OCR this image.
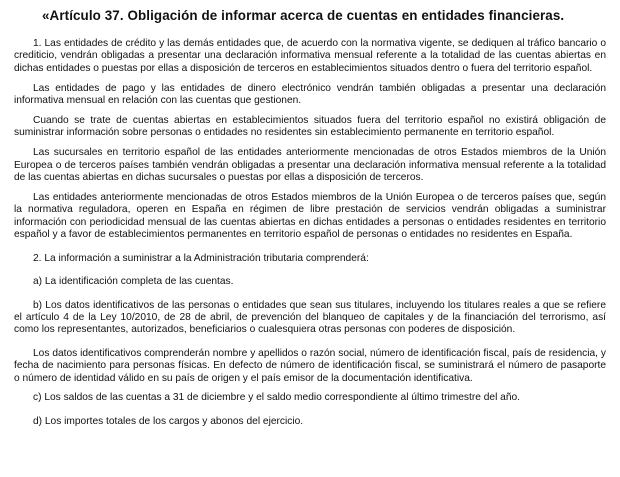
«Artículo 37. Obligación de informar acerca de cuentas en entidades financieras.

1. Las entidades de crédito y las demás entidades que, de acuerdo con la normativa vigente, se dediquen al tráfico bancario o crediticio, vendrán obligadas a presentar una declaración informativa mensual referente a la totalidad de las cuentas abiertas en dichas entidades o puestas por ellas a disposición de terceros en establecimientos situados dentro o fuera del territorio español.

Las entidades de pago y las entidades de dinero electrónico vendrán también obligadas a presentar una declaración informativa mensual en relación con las cuentas que gestionen.

Cuando se trate de cuentas abiertas en establecimientos situados fuera del territorio español no existirá obligación de suministrar información sobre personas o entidades no residentes sin establecimiento permanente en territorio español.

Las sucursales en territorio español de las entidades anteriormente mencionadas de otros Estados miembros de la Unión Europea o de terceros países también vendrán obligadas a presentar una declaración informativa mensual referente a la totalidad de las cuentas abiertas en dichas sucursales o puestas por ellas a disposición de terceros.

Las entidades anteriormente mencionadas de otros Estados miembros de la Unión Europea o de terceros países que, según la normativa reguladora, operen en España en régimen de libre prestación de servicios vendrán obligadas a suministrar información con periodicidad mensual de las cuentas abiertas en dichas entidades a personas o entidades residentes en territorio español y a favor de establecimientos permanentes en territorio español de personas o entidades no residentes en España.

2. La información a suministrar a la Administración tributaria comprenderá:

a) La identificación completa de las cuentas.

b) Los datos identificativos de las personas o entidades que sean sus titulares, incluyendo los titulares reales a que se refiere el artículo 4 de la Ley 10/2010, de 28 de abril, de prevención del blanqueo de capitales y de la financiación del terrorismo, así como los representantes, autorizados, beneficiarios o cualesquiera otras personas con poderes de disposición.

Los datos identificativos comprenderán nombre y apellidos o razón social, número de identificación fiscal, país de residencia, y fecha de nacimiento para personas físicas. En defecto de número de identificación fiscal, se suministrará el número de pasaporte o número de identidad válido en su país de origen y el país emisor de la documentación identificativa.

c) Los saldos de las cuentas a 31 de diciembre y el saldo medio correspondiente al último trimestre del año.

d) Los importes totales de los cargos y abonos del ejercicio.
